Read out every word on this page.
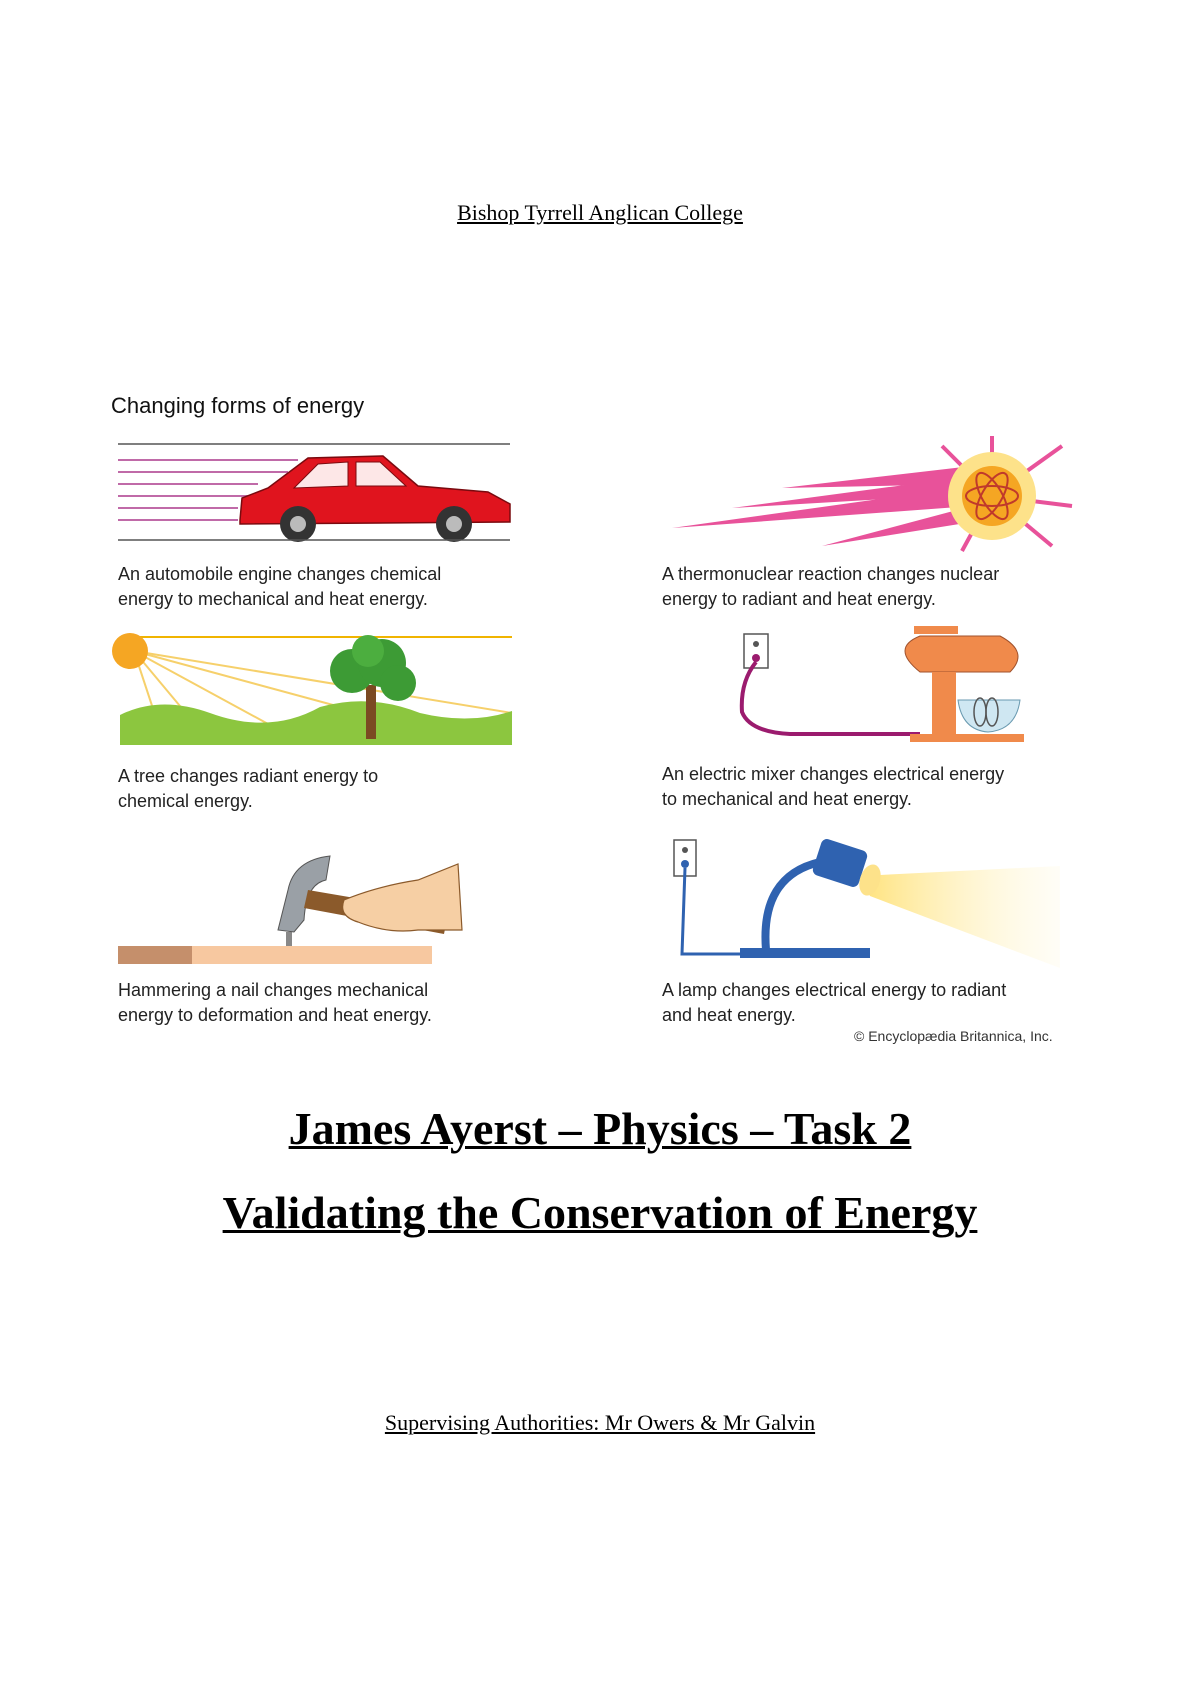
Bishop Tyrrell Anglican College
Changing forms of energy

An automobile engine changes chemical

energy to mechanical and heat energy.

A thermonuclear reaction changes nuclear

energy to radiant and heat energy.

A tree changes radiant energy to

chemical energy.

An electric mixer changes electrical energy

to mechanical and heat energy.

Hammering a nail changes mechanical

energy to deformation and heat energy.

A lamp changes electrical energy to radiant

and heat energy.

© Encyclopædia Britannica, Inc.
James Ayerst – Physics – Task 2
Validating the Conservation of Energy
Supervising Authorities: Mr Owers & Mr Galvin
